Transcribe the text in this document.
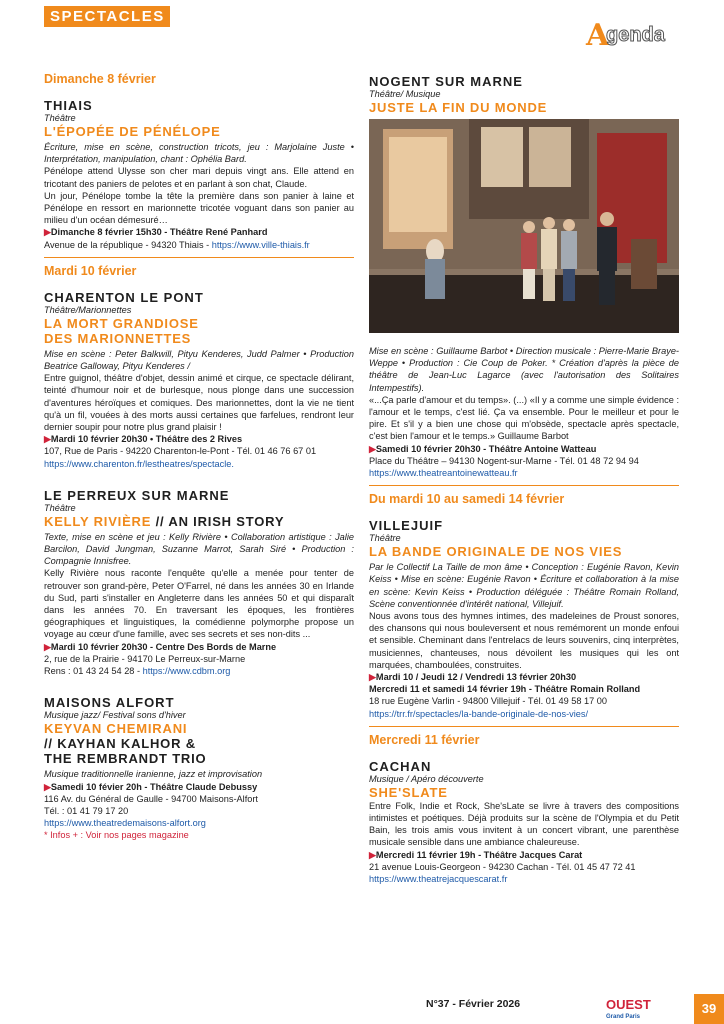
SPECTACLES
A
genda
Dimanche 8 février
THIAIS
Théâtre
L'ÉPOPÉE DE PÉNÉLOPE

Écriture, mise en scène, construction tricots, jeu : Marjolaine Juste • Interprétation, manipulation, chant : Ophélia Bard.

Pénélope attend Ulysse son cher mari depuis vingt ans. Elle attend en tricotant des paniers de pelotes et en parlant à son chat, Claude.

Un jour, Pénélope tombe la tête la première dans son panier à laine et Pénélope en ressort en marionnette tricotée voguant dans son panier au milieu d'un océan démesuré…

▶Dimanche 8 février 15h30 - Théâtre René Panhard
Avenue de la république - 94320 Thiais - https://www.ville-thiais.fr
Mardi 10 février
CHARENTON LE PONT
Théâtre/Marionnettes
LA MORT GRANDIOSE
DES MARIONNETTES

Mise en scène : Peter Balkwill, Pityu Kenderes, Judd Palmer • Production Beatrice Galloway, Pityu Kenderes /

Entre guignol, théâtre d'objet, dessin animé et cirque, ce spectacle délirant, teinté d'humour noir et de burlesque, nous plonge dans une succession d'aventures héroïques et comiques. Des marionnettes, dont la vie ne tient qu'à un fil, vouées à des morts aussi certaines que farfelues, rendront leur dernier soupir pour notre plus grand plaisir !

▶Mardi 10 février 20h30 • Théâtre des 2 Rives
107, Rue de Paris - 94220 Charenton-le-Pont - Tél. 01 46 76 67 01
https://www.charenton.fr/lestheatres/spectacle.
LE PERREUX SUR MARNE
Théâtre
KELLY RIVIÈRE // AN IRISH STORY

Texte, mise en scène et jeu : Kelly Rivière • Collaboration artistique : Jalie Barcilon, David Jungman, Suzanne Marrot, Sarah Siré • Production : Compagnie Innisfree.

Kelly Rivière nous raconte l'enquête qu'elle a menée pour tenter de retrouver son grand-père, Peter O'Farrel, né dans les années 30 en Irlande du Sud, parti s'installer en Angleterre dans les années 50 et qui disparaît dans les années 70. En traversant les époques, les frontières géographiques et linguistiques, la comédienne polymorphe propose un voyage au cœur d'une famille, avec ses secrets et ses non-dits ...

▶Mardi 10 février 20h30 - Centre Des Bords de Marne
2, rue de la Prairie - 94170 Le Perreux-sur-Marne
Rens : 01 43 24 54 28 - https://www.cdbm.org
MAISONS ALFORT
Musique jazz/ Festival sons d'hiver
KEYVAN CHEMIRANI
// KAYHAN KALHOR &
THE REMBRANDT TRIO

Musique traditionnelle iranienne, jazz et improvisation

▶Samedi 10 févier 20h - Théâtre Claude Debussy
116 Av. du Général de Gaulle - 94700 Maisons-Alfort
Tél. : 01 41 79 17 20
https://www.theatredemaisons-alfort.org
* Infos + : Voir nos pages magazine
NOGENT SUR MARNE
Théâtre/ Musique
JUSTE LA FIN DU MONDE

Mise en scène : Guillaume Barbot • Direction musicale : Pierre-Marie Braye-Weppe • Production : Cie Coup de Poker. * Création d'après la pièce de théâtre de Jean-Luc Lagarce (avec l'autorisation des Solitaires Intempestifs).

«...Ça parle d'amour et du temps». (...) «Il y a comme une simple évidence : l'amour et le temps, c'est lié. Ça va ensemble. Pour le meilleur et pour le pire. Et s'il y a bien une chose qui m'obsède, spectacle après spectacle, c'est bien l'amour et le temps.» Guillaume Barbot

▶Samedi 10 février 20h30 - Théâtre Antoine Watteau
Place du Théâtre – 94130 Nogent-sur-Marne - Tél. 01 48 72 94 94
https://www.theatreantoinewatteau.fr
Du mardi 10 au samedi 14 février
VILLEJUIF
Théâtre
LA BANDE ORIGINALE DE NOS VIES

Par le Collectif La Taille de mon âme • Conception : Eugénie Ravon, Kevin Keiss • Mise en scène: Eugénie Ravon • Écriture et collaboration à la mise en scène: Kevin Keiss • Production déléguée : Théâtre Romain Rolland, Scène conventionnée d'intérêt national, Villejuif.

Nous avons tous des hymnes intimes, des madeleines de Proust sonores, des chansons qui nous bouleversent et nous remémorent un monde enfoui et sensible. Cheminant dans l'entrelacs de leurs souvenirs, cinq interprètes, musiciennes, chanteuses, nous dévoilent les musiques qui les ont marquées, chamboulées, construites.

▶Mardi 10 / Jeudi 12 / Vendredi 13 février 20h30
Mercredi 11 et samedi 14 février 19h - Théâtre Romain Rolland
18 rue Eugène Varlin - 94800 Villejuif - Tél. 01 49 58 17 00
https://trr.fr/spectacles/la-bande-originale-de-nos-vies/
Mercredi 11 février
CACHAN
Musique / Apéro découverte
SHE'SLATE

Entre Folk, Indie et Rock, She'sLate se livre à travers des compositions intimistes et poétiques. Déjà produits sur la scène de l'Olympia et du Petit Bain, les trois amis vous invitent à un concert vibrant, une parenthèse musicale sensible dans une ambiance chaleureuse.

▶Mercredi 11 février 19h - Théâtre Jacques Carat
21 avenue Louis-Georgeon - 94230 Cachan - Tél. 01 45 47 72 41
https://www.theatrejacquescarat.fr
N°37 - Février 2026	OUEST
Grand Paris
39
